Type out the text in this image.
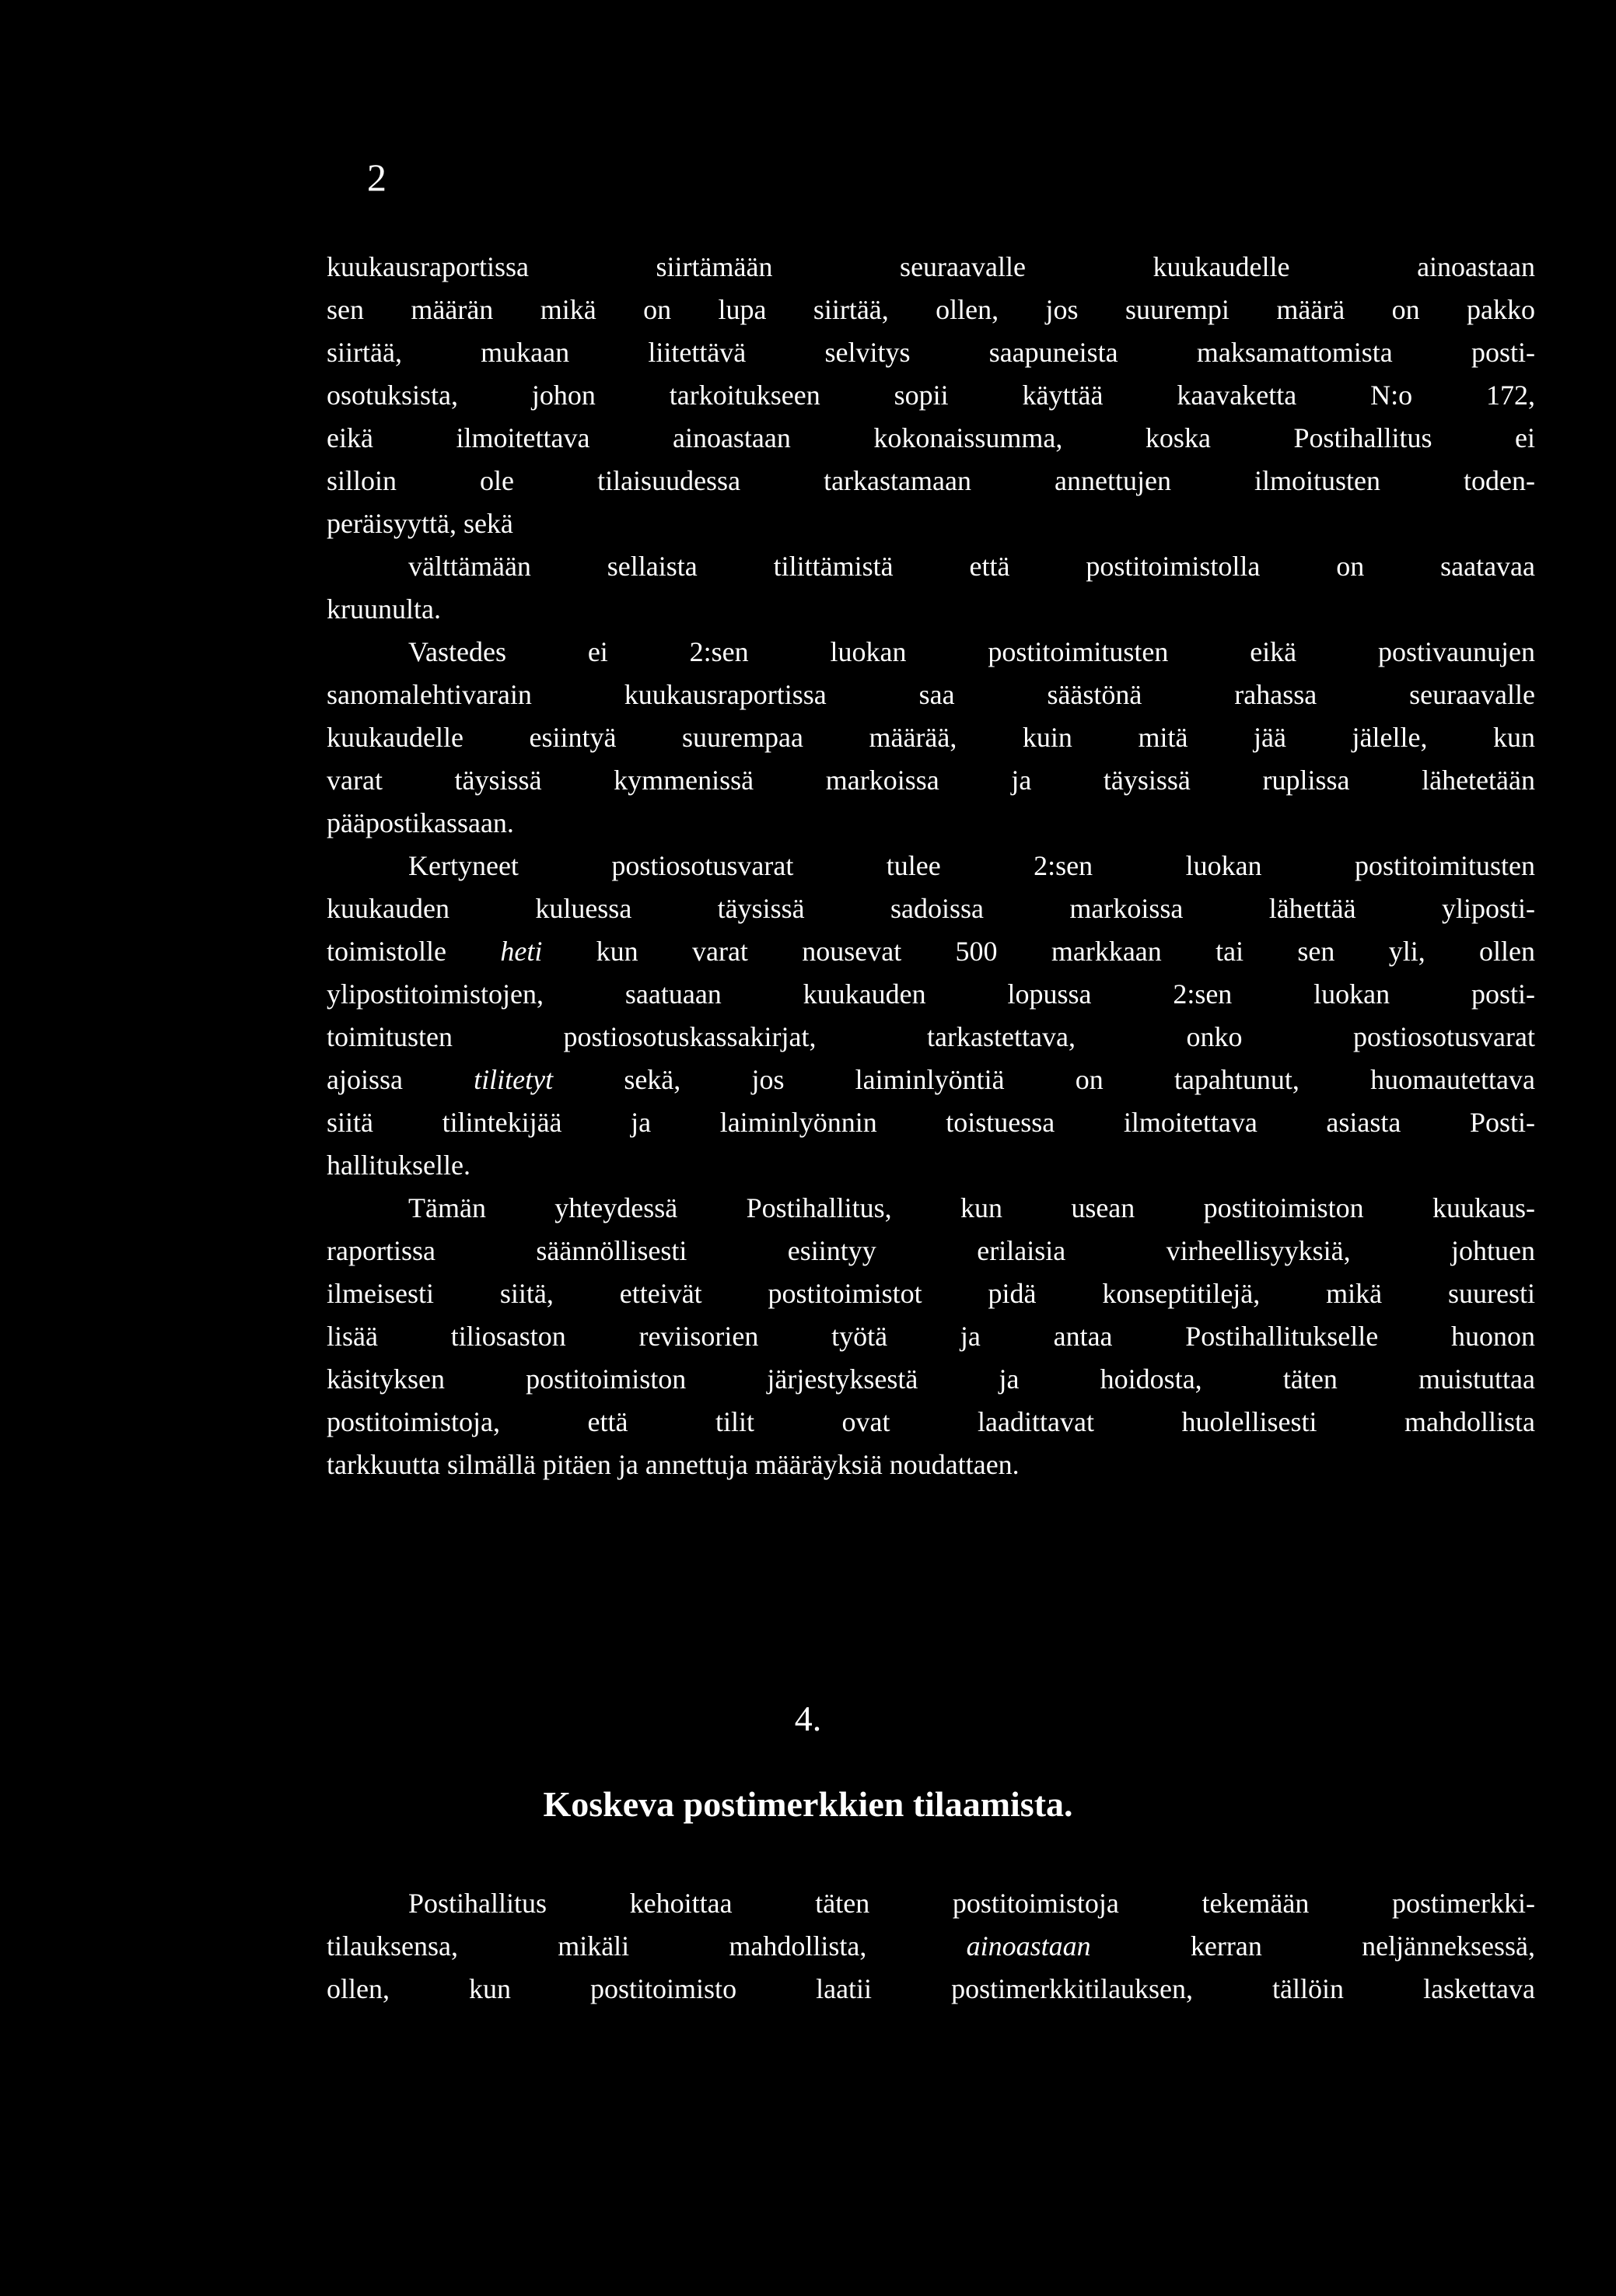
2
kuukausraportissa siirtämään seuraavalle kuukaudelle ainoastaan
sen määrän mikä on lupa siirtää, ollen, jos suurempi määrä on pakko
siirtää, mukaan liitettävä selvitys saapuneista maksamattomista posti-
osotuksista, johon tarkoitukseen sopii käyttää kaavaketta N:o 172,
eikä ilmoitettava ainoastaan kokonaissumma, koska Postihallitus ei
silloin ole tilaisuudessa tarkastamaan annettujen ilmoitusten toden-
peräisyyttä, sekä
välttämään sellaista tilittämistä että postitoimistolla on saatavaa
kruunulta.
Vastedes ei 2:sen luokan postitoimitusten eikä postivaunujen
sanomalehtivarain kuukausraportissa saa säästönä rahassa seuraavalle
kuukaudelle esiintyä suurempaa määrää, kuin mitä jää jälelle, kun
varat täysissä kymmenissä markoissa ja täysissä ruplissa lähetetään
pääpostikassaan.
Kertyneet postiosotusvarat tulee 2:sen luokan postitoimitusten
kuukauden kuluessa täysissä sadoissa markoissa lähettää yliposti-
toimistolle heti kun varat nousevat 500 markkaan tai sen yli, ollen
ylipostitoimistojen, saatuaan kuukauden lopussa 2:sen luokan posti-
toimitusten postiosotuskassakirjat, tarkastettava, onko postiosotusvarat
ajoissa	tilitetyt	sekä, jos laiminlyöntiä on tapahtunut, huomautettava
siitä tilintekijää ja laiminlyönnin toistuessa ilmoitettava asiasta Posti-
hallitukselle.
Tämän yhteydessä Postihallitus, kun usean postitoimiston kuukaus-
raportissa säännöllisesti esiintyy erilaisia virheellisyyksiä, johtuen
ilmeisesti siitä, etteivät postitoimistot pidä konseptitilejä, mikä suuresti
lisää tiliosaston reviisorien työtä ja antaa Postihallitukselle huonon
käsityksen postitoimiston järjestyksestä ja hoidosta, täten muistuttaa
postitoimistoja, että tilit ovat laadittavat huolellisesti mahdollista
tarkkuutta silmällä pitäen ja annettuja määräyksiä noudattaen.
4.
Koskeva postimerkkien tilaamista.
Postihallitus kehoittaa täten postitoimistoja tekemään postimerkki-
tilauksensa, mikäli mahdollista,	ainoastaan	kerran neljänneksessä,
ollen, kun postitoimisto laatii postimerkkitilauksen, tällöin laskettava
